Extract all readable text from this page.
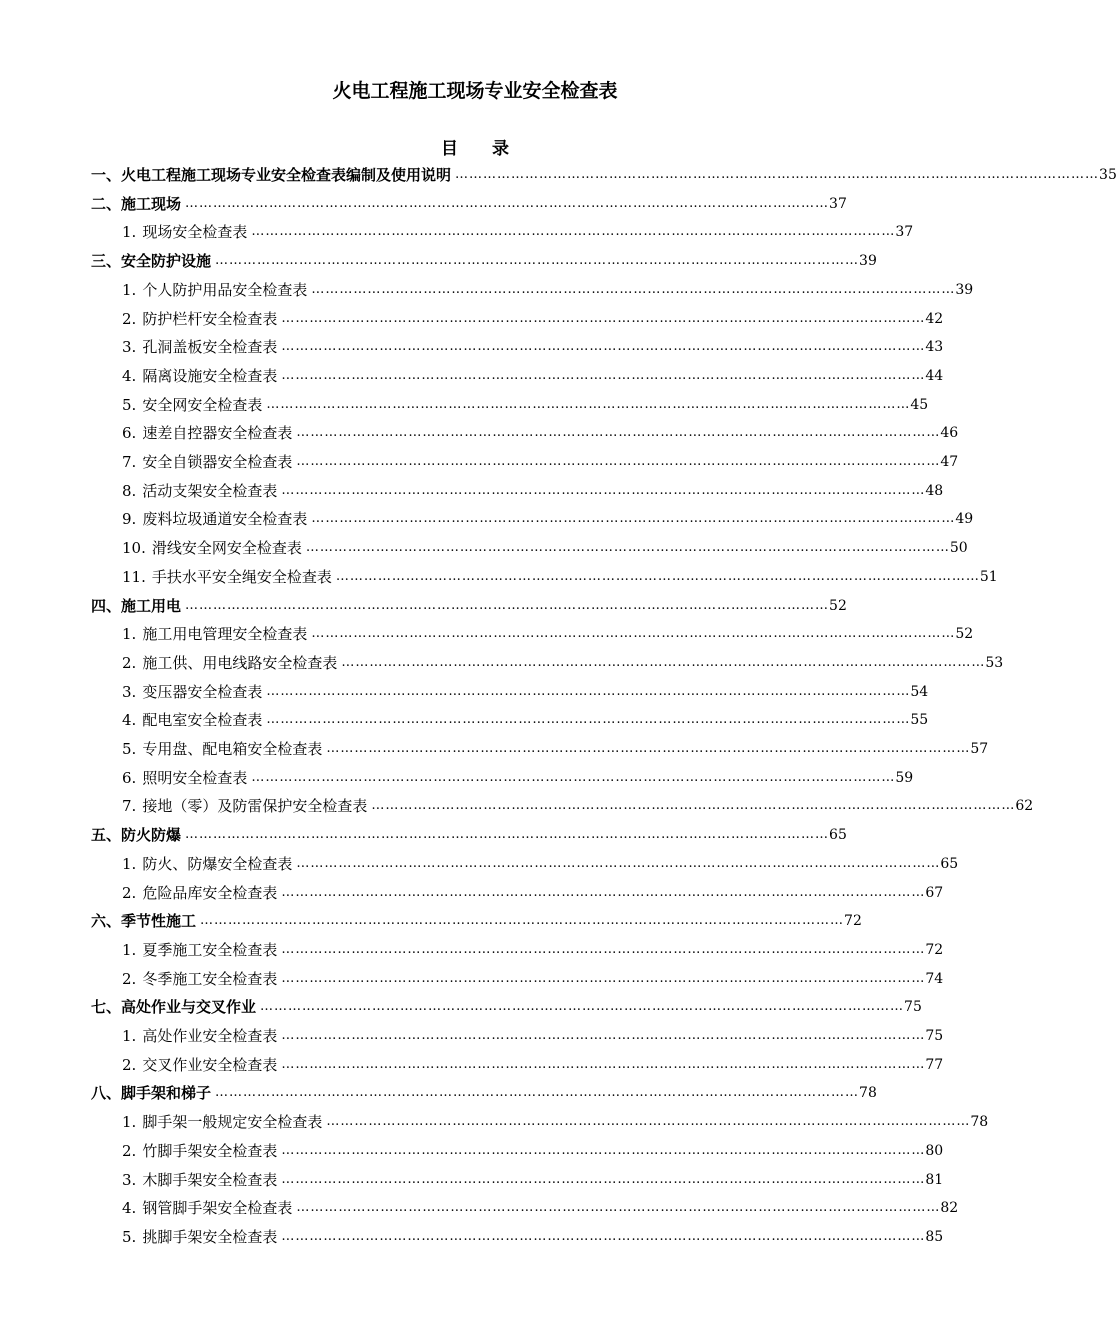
火电工程施工现场专业安全检查表
目　　录
一、 火电工程施工现场专业安全检查表编制及使用说明 ………………………………………………………………………………………………………………………… 35
二、 施工现场 ………………………………………………………………………………………………………………………… 37
1. 现场安全检查表 ………………………………………………………………………………………………………………………… 37
三、 安全防护设施 ………………………………………………………………………………………………………………………… 39
1. 个人防护用品安全检查表 ………………………………………………………………………………………………………………………… 39
2. 防护栏杆安全检查表 ………………………………………………………………………………………………………………………… 42
3. 孔洞盖板安全检查表 ………………………………………………………………………………………………………………………… 43
4. 隔离设施安全检查表 ………………………………………………………………………………………………………………………… 44
5. 安全网安全检查表 ………………………………………………………………………………………………………………………… 45
6. 速差自控器安全检查表 ………………………………………………………………………………………………………………………… 46
7. 安全自锁器安全检查表 ………………………………………………………………………………………………………………………… 47
8. 活动支架安全检查表 ………………………………………………………………………………………………………………………… 48
9. 废料垃圾通道安全检查表 ………………………………………………………………………………………………………………………… 49
10. 滑线安全网安全检查表 ………………………………………………………………………………………………………………………… 50
11. 手扶水平安全绳安全检查表 ………………………………………………………………………………………………………………………… 51
四、 施工用电 ………………………………………………………………………………………………………………………… 52
1. 施工用电管理安全检查表 ………………………………………………………………………………………………………………………… 52
2. 施工供、用电线路安全检查表 ………………………………………………………………………………………………………………………… 53
3. 变压器安全检查表 ………………………………………………………………………………………………………………………… 54
4. 配电室安全检查表 ………………………………………………………………………………………………………………………… 55
5. 专用盘、配电箱安全检查表 ………………………………………………………………………………………………………………………… 57
6. 照明安全检查表 ………………………………………………………………………………………………………………………… 59
7. 接地（零）及防雷保护安全检查表 ………………………………………………………………………………………………………………………… 62
五、 防火防爆 ………………………………………………………………………………………………………………………… 65
1. 防火、防爆安全检查表 ………………………………………………………………………………………………………………………… 65
2. 危险品库安全检查表 ………………………………………………………………………………………………………………………… 67
六、 季节性施工 ………………………………………………………………………………………………………………………… 72
1. 夏季施工安全检查表 ………………………………………………………………………………………………………………………… 72
2. 冬季施工安全检查表 ………………………………………………………………………………………………………………………… 74
七、 高处作业与交叉作业 ………………………………………………………………………………………………………………………… 75
1. 高处作业安全检查表 ………………………………………………………………………………………………………………………… 75
2. 交叉作业安全检查表 ………………………………………………………………………………………………………………………… 77
八、 脚手架和梯子 ………………………………………………………………………………………………………………………… 78
1. 脚手架一般规定安全检查表 ………………………………………………………………………………………………………………………… 78
2. 竹脚手架安全检查表 ………………………………………………………………………………………………………………………… 80
3. 木脚手架安全检查表 ………………………………………………………………………………………………………………………… 81
4. 钢管脚手架安全检查表 ………………………………………………………………………………………………………………………… 82
5. 挑脚手架安全检查表 ………………………………………………………………………………………………………………………… 85
